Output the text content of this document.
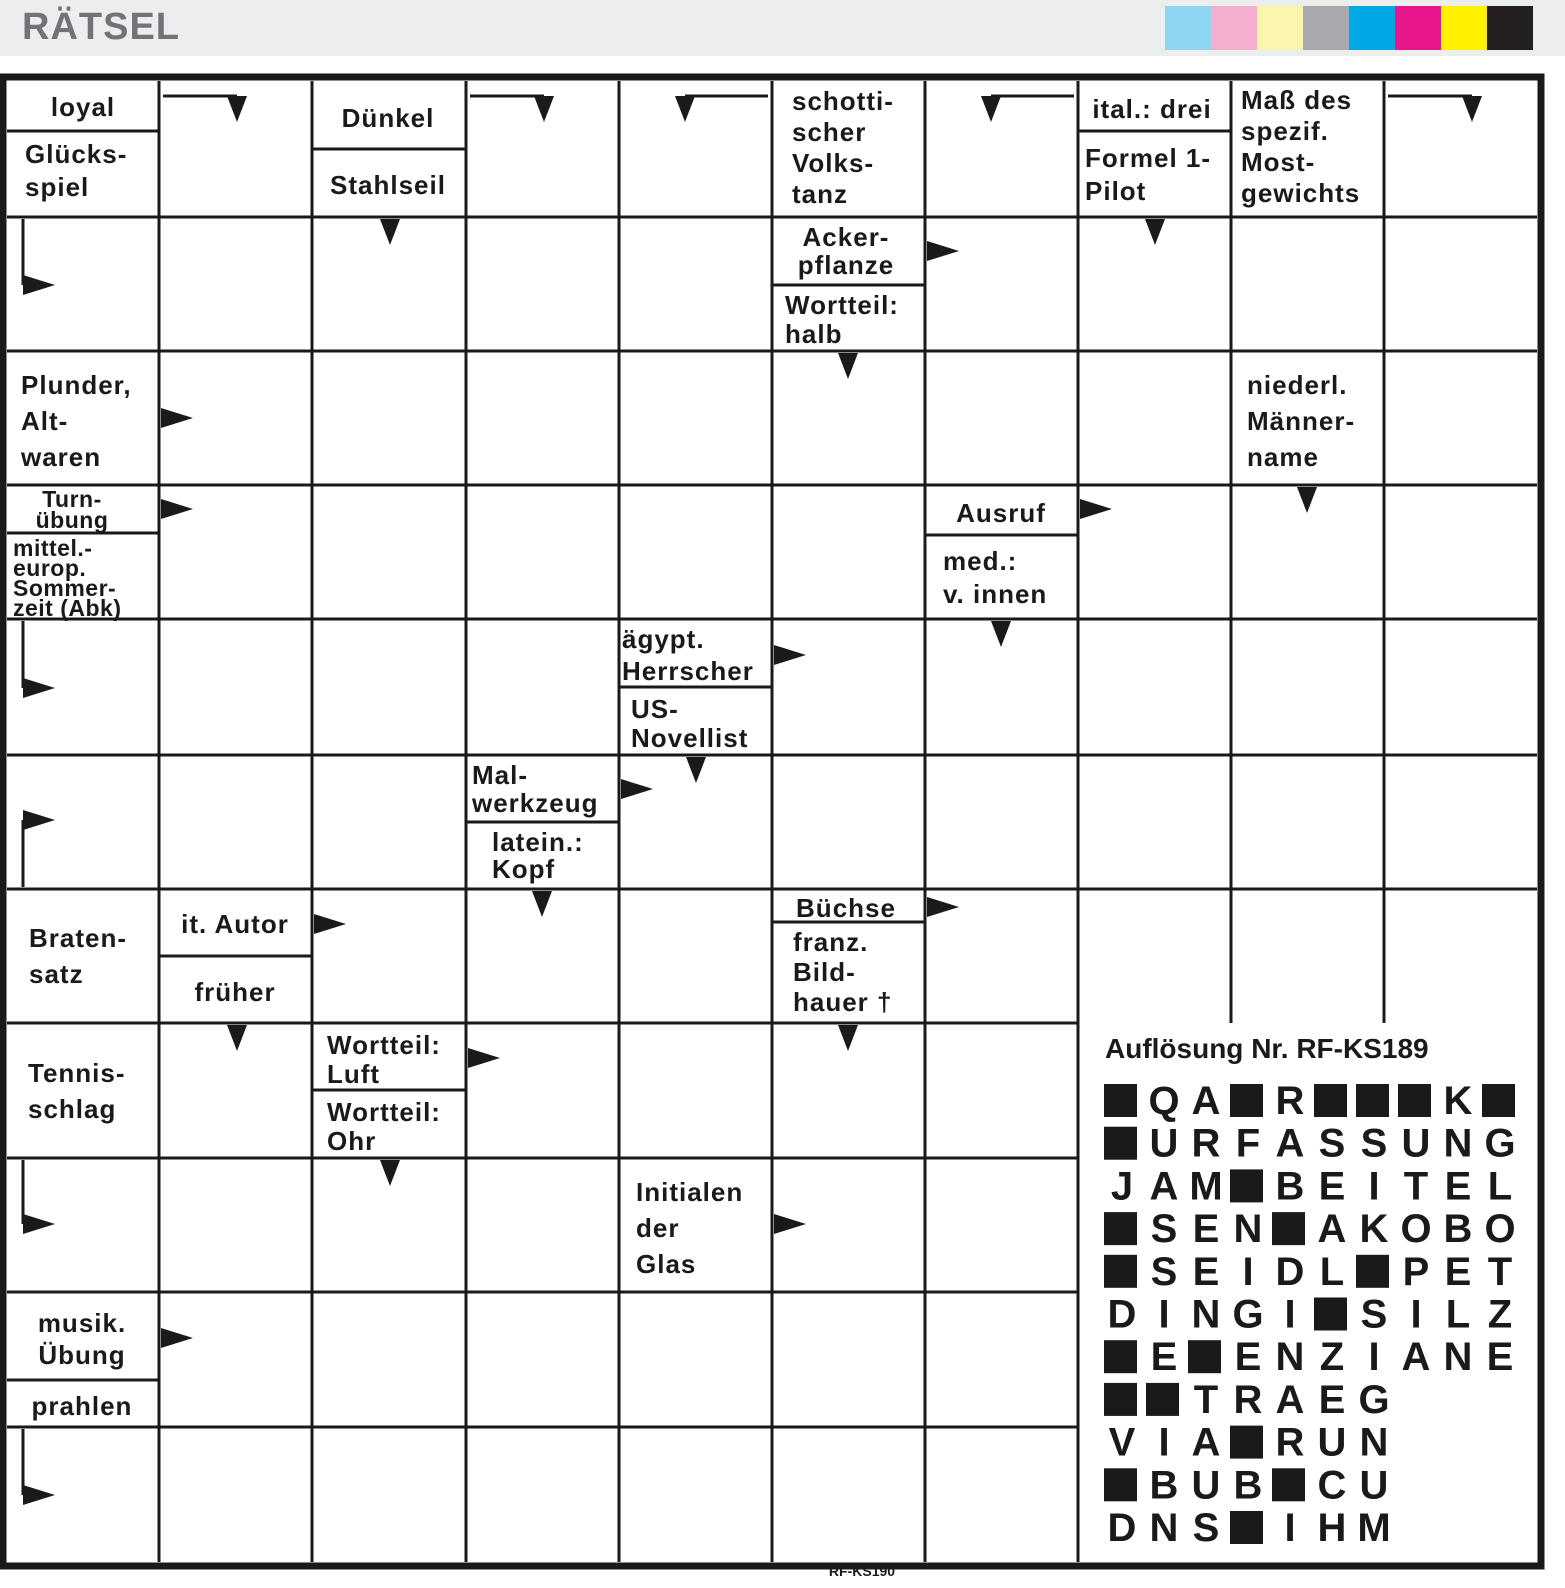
RÄTSEL
loyal
Glücks-spiel
Dünkel
Stahlseil
schotti-scher Volks-tanz
ital.: drei
Formel 1-Pilot
Maß des spezif. Most-gewichts
Acker-pflanze
Wortteil: halb
Plunder, Alt-waren
niederl. Männer-name
Turn-übung
mittel.-europ. Sommer-zeit (Abk)
Ausruf
med.: v. innen
ägypt. Herrscher
US-Novellist
Mal-werkzeug
latein.: Kopf
Braten-satz
it. Autor
früher
Büchse
franz. Bild-hauer †
Tennis-schlag
Wortteil: Luft
Wortteil: Ohr
Initialen der Glas
musik. Übung
prahlen
Auflösung Nr. RF-KS189
Q A R	K
U R F A S S U N G
J A M B E I T E L
S E N A K O B O
S E I D L P E T
D I N G I S I L Z
E E N Z I A N E
T R A E G
V I A R U N
B U B C U
D N S I H M
RF-KS190
